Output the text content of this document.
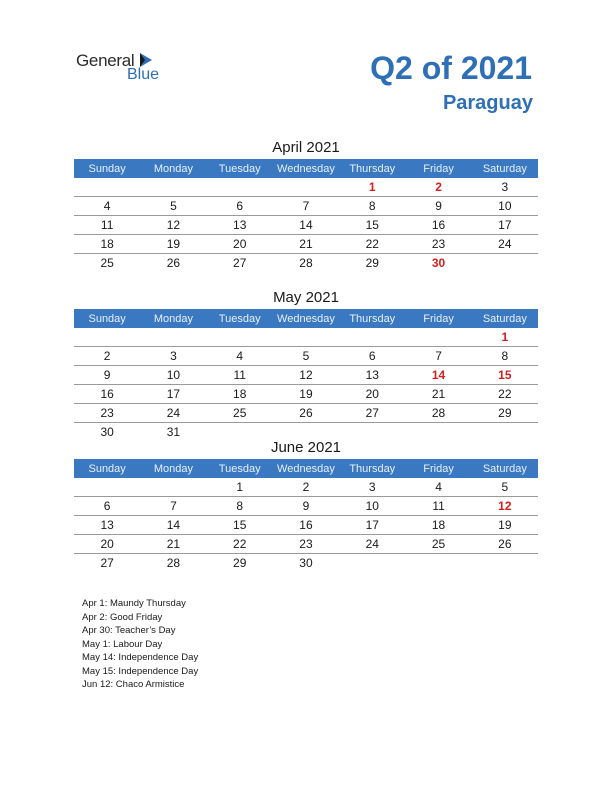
General
Blue	Q2 of 2021
Paraguay
April 2021
Sunday	Monday	Tuesday	Wednesday	Thursday	Friday	Saturday
				1	2	3
4	5	6	7	8	9	10
11	12	13	14	15	16	17
18	19	20	21	22	23	24
25	26	27	28	29	30	
May 2021
Sunday	Monday	Tuesday	Wednesday	Thursday	Friday	Saturday
						1
2	3	4	5	6	7	8
9	10	11	12	13	14	15
16	17	18	19	20	21	22
23	24	25	26	27	28	29
30	31					
June 2021
Sunday	Monday	Tuesday	Wednesday	Thursday	Friday	Saturday
		1	2	3	4	5
6	7	8	9	10	11	12
13	14	15	16	17	18	19
20	21	22	23	24	25	26
27	28	29	30			
Apr 1: Maundy Thursday
Apr 2: Good Friday
Apr 30: Teacher’s Day
May 1: Labour Day
May 14: Independence Day
May 15: Independence Day
Jun 12: Chaco Armistice
